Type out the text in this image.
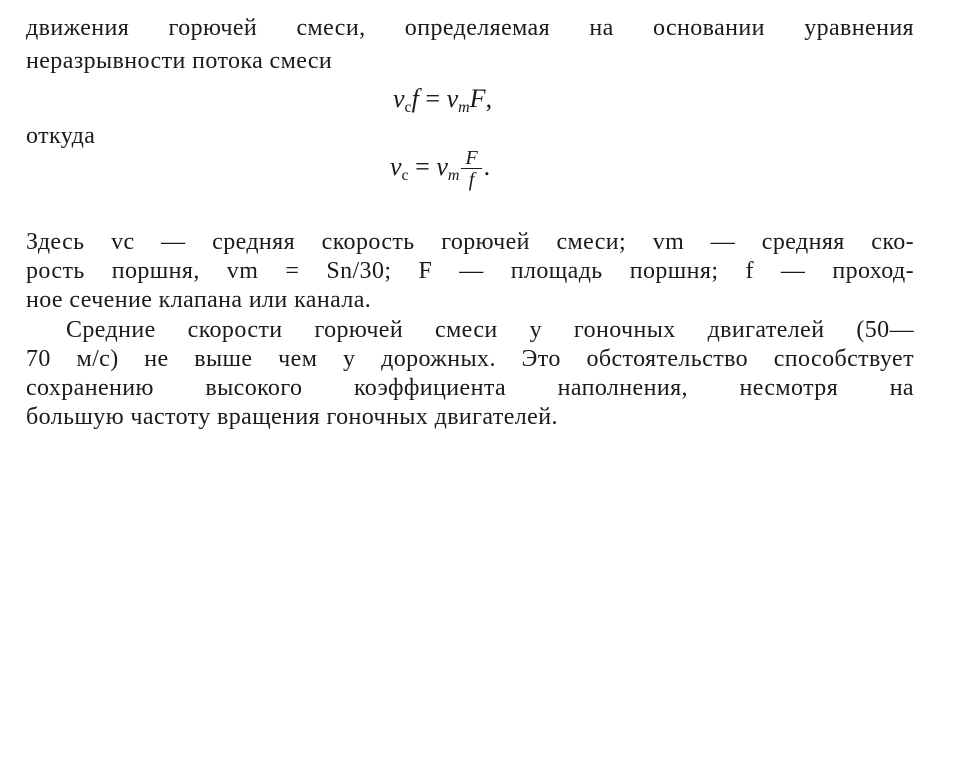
движения горючей смеси, определяемая на основании уравнения
неразрывности потока смеси
$v_сf = v_mF$,
откуда
$v_с = v_m \frac{F}{f}$ .
Здесь vс — средняя скорость горючей смеси; vm — средняя ско-
рость поршня, vm = Sn/30; F — площадь поршня; f — проход-
ное сечение клапана или канала.
Средние скорости горючей смеси у гоночных двигателей (50—
70 м/с) не выше чем у дорожных. Это обстоятельство способствует
сохранению высокого коэффициента наполнения, несмотря на
большую частоту вращения гоночных двигателей.
